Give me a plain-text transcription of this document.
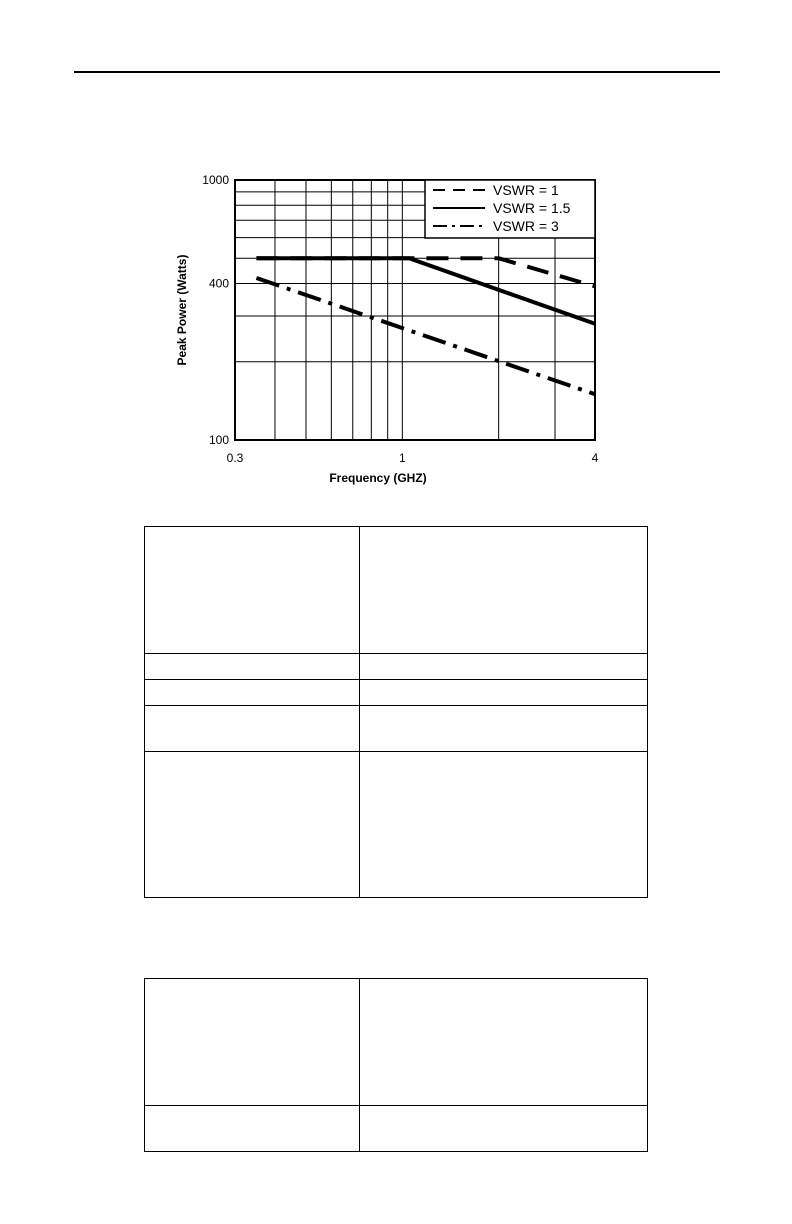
VSWR = 1
VSWR = 1.5
VSWR = 3
0.3	1	4
100
400
1000
Frequency (GHZ)
Peak Power (Watts)
